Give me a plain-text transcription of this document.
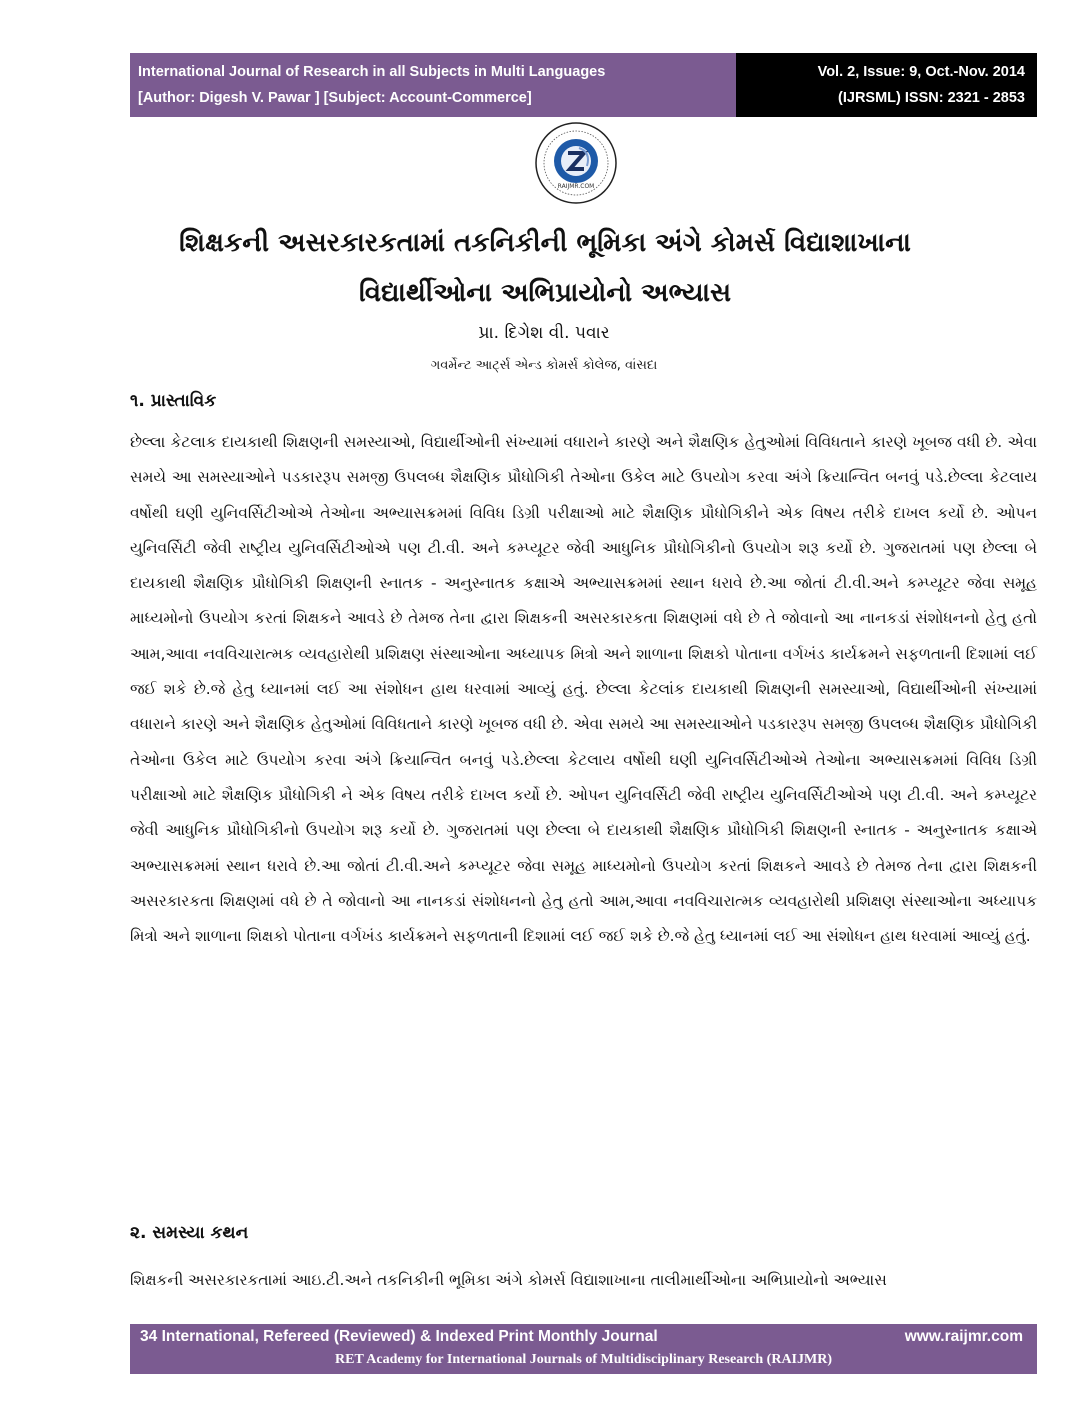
International Journal of Research in all Subjects in Multi Languages
[Author: Digesh V. Pawar ] [Subject: Account-Commerce]
Vol. 2, Issue: 9, Oct.-Nov. 2014
(IJRSML) ISSN: 2321 - 2853
RAIJMR.COM
શિક્ષકની અસરકારકતામાં તકનિકીની ભૂમિકા અંગે કોમર્સ વિદ્યાશાખાના
વિદ્યાર્થીઓના અભિપ્રાયોનો અભ્યાસ
પ્રા. દિગેશ વી. પવાર
ગવર્મેન્ટ આર્ટ્સ એન્ડ કોમર્સ કોલેજ, વાંસદા
૧. પ્રાસ્તાવિક
છેલ્લા કેટલાક દાયકાથી શિક્ષણની સમસ્યાઓ, વિદ્યાર્થીઓની સંખ્યામાં વધારાને કારણે અને શૈક્ષણિક હેતુઓમાં વિવિધતાને કારણે ખૂબજ વધી છે. એવા સમયે આ સમસ્યાઓને પડકારરૂપ સમજી ઉપલબ્ધ શૈક્ષણિક પ્રૌધોગિકી તેઓના ઉકેલ માટે ઉપયોગ કરવા અંગે ક્રિયાન્વિત બનવું પડે.છેલ્લા કેટલાય વર્ષોથી ઘણી યુનિવર્સિટીઓએ તેઓના અભ્યાસક્રમમાં વિવિધ ડિગ્રી પરીક્ષાઓ માટે શૈક્ષણિક પ્રૌધોગિકીને એક વિષય તરીકે દાખલ કર્યો છે. ઓપન યુનિવર્સિટી જેવી રાષ્ટ્રીય યુનિવર્સિટીઓએ પણ ટી.વી. અને કમ્પ્યૂટર જેવી આધુનિક પ્રૌધોગિકીનો ઉપયોગ શરૂ કર્યો છે. ગુજરાતમાં પણ છેલ્લા બે દાયકાથી શૈક્ષણિક પ્રૌધોગિકી શિક્ષણની સ્નાતક - અનુસ્નાતક કક્ષાએ અભ્યાસક્રમમાં સ્થાન ધરાવે છે.આ જોતાં ટી.વી.અને કમ્પ્યૂટર જેવા સમૂહ માધ્યમોનો ઉપયોગ કરતાં શિક્ષકને આવડે છે તેમજ તેના દ્વારા શિક્ષકની અસરકારકતા શિક્ષણમાં વધે છે તે જોવાનો આ નાનકડાં સંશોધનનો હેતુ હતો આમ,આવા નવવિચારાત્મક વ્યવહારોથી પ્રશિક્ષણ સંસ્થાઓના અધ્યાપક મિત્રો અને શાળાના શિક્ષકો પોતાના વર્ગખંડ કાર્યક્રમને સફળતાની દિશામાં લઈ જઈ શકે છે.જે હેતુ ધ્યાનમાં લઈ આ સંશોધન હાથ ધરવામાં આવ્યું હતું. છેલ્લા કેટલાંક દાયકાથી શિક્ષણની સમસ્યાઓ, વિદ્યાર્થીઓની સંખ્યામાં વધારાને કારણે અને શૈક્ષણિક હેતુઓમાં વિવિધતાને કારણે ખૂબજ વધી છે. એવા સમયે આ સમસ્યાઓને પડકારરૂપ સમજી ઉપલબ્ધ શૈક્ષણિક પ્રૌધોગિકી તેઓના ઉકેલ માટે ઉપયોગ કરવા અંગે ક્રિયાન્વિત બનવું પડે.છેલ્લા કેટલાય વર્ષોથી ઘણી યુનિવર્સિટીઓએ તેઓના અભ્યાસક્રમમાં વિવિધ ડિગ્રી પરીક્ષાઓ માટે શૈક્ષણિક પ્રૌધોગિકી ને એક વિષય તરીકે દાખલ કર્યો છે. ઓપન યુનિવર્સિટી જેવી રાષ્ટ્રીય યુનિવર્સિટીઓએ પણ ટી.વી. અને કમ્પ્યૂટર જેવી આધુનિક પ્રૌધોગિકીનો ઉપયોગ શરૂ કર્યો છે. ગુજરાતમાં પણ છેલ્લા બે દાયકાથી શૈક્ષણિક પ્રૌધોગિકી શિક્ષણની સ્નાતક - અનુસ્નાતક કક્ષાએ અભ્યાસક્રમમાં સ્થાન ધરાવે છે.આ જોતાં ટી.વી.અને કમ્પ્યૂટર જેવા સમૂહ માધ્યમોનો ઉપયોગ કરતાં શિક્ષકને આવડે છે તેમજ તેના દ્વારા શિક્ષકની અસરકારકતા શિક્ષણમાં વધે છે તે જોવાનો આ નાનકડાં સંશોધનનો હેતુ હતો આમ,આવા નવવિચારાત્મક વ્યવહારોથી પ્રશિક્ષણ સંસ્થાઓના અધ્યાપક મિત્રો અને શાળાના શિક્ષકો પોતાના વર્ગખંડ કાર્યક્રમને સફળતાની દિશામાં લઈ જઈ શકે છે.જે હેતુ ધ્યાનમાં લઈ આ સંશોધન હાથ ધરવામાં આવ્યું હતું.
૨. સમસ્યા કથન
શિક્ષકની અસરકારકતામાં આઇ.ટી.અને તકનિકીની ભૂમિકા અંગે કોમર્સ વિદ્યાશાખાના તાલીમાર્થીઓના અભિપ્રાયોનો અભ્યાસ
34 International, Refereed (Reviewed) & Indexed Print Monthly Journal	www.raijmr.com
RET Academy for International Journals of Multidisciplinary Research (RAIJMR)
